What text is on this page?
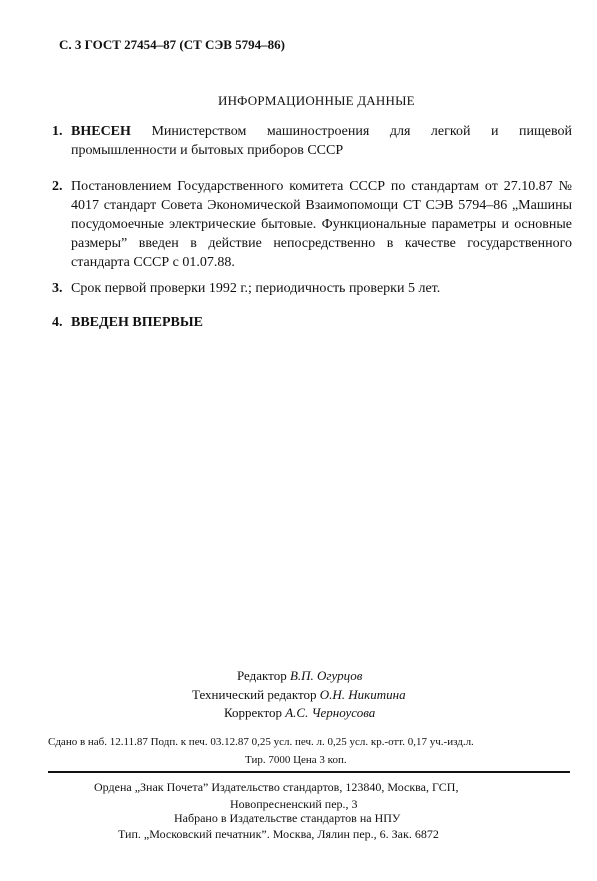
С. 3 ГОСТ 27454–87 (СТ СЭВ 5794–86)
ИНФОРМАЦИОННЫЕ ДАННЫЕ
1. ВНЕСЕН Министерством машиностроения для легкой и пищевой промышленности и бытовых приборов СССР
2. Постановлением Государственного комитета СССР по стандартам от 27.10.87 № 4017 стандарт Совета Экономической Взаимопомощи СТ СЭВ 5794–86 „Машины посудомоечные электрические бытовые. Функциональные параметры и основные размеры” введен в действие непосредственно в качестве государственного стандарта СССР с 01.07.88.
3. Срок первой проверки 1992 г.; периодичность проверки 5 лет.
4. ВВЕДЕН ВПЕРВЫЕ
Редактор В.П. Огурцов
Технический редактор О.Н. Никитина
Корректор А.С. Черноусова
Сдано в наб. 12.11.87 Подп. к печ. 03.12.87 0,25 усл. печ. л. 0,25 усл. кр.-отт. 0,17 уч.-изд.л.
Тир. 7000 Цена 3 коп.
Ордена „Знак Почета” Издательство стандартов, 123840, Москва, ГСП,
Новопресненский пер., 3
Набрано в Издательстве стандартов на НПУ
Тип. „Московский печатник”. Москва, Лялин пер., 6. Зак. 6872
